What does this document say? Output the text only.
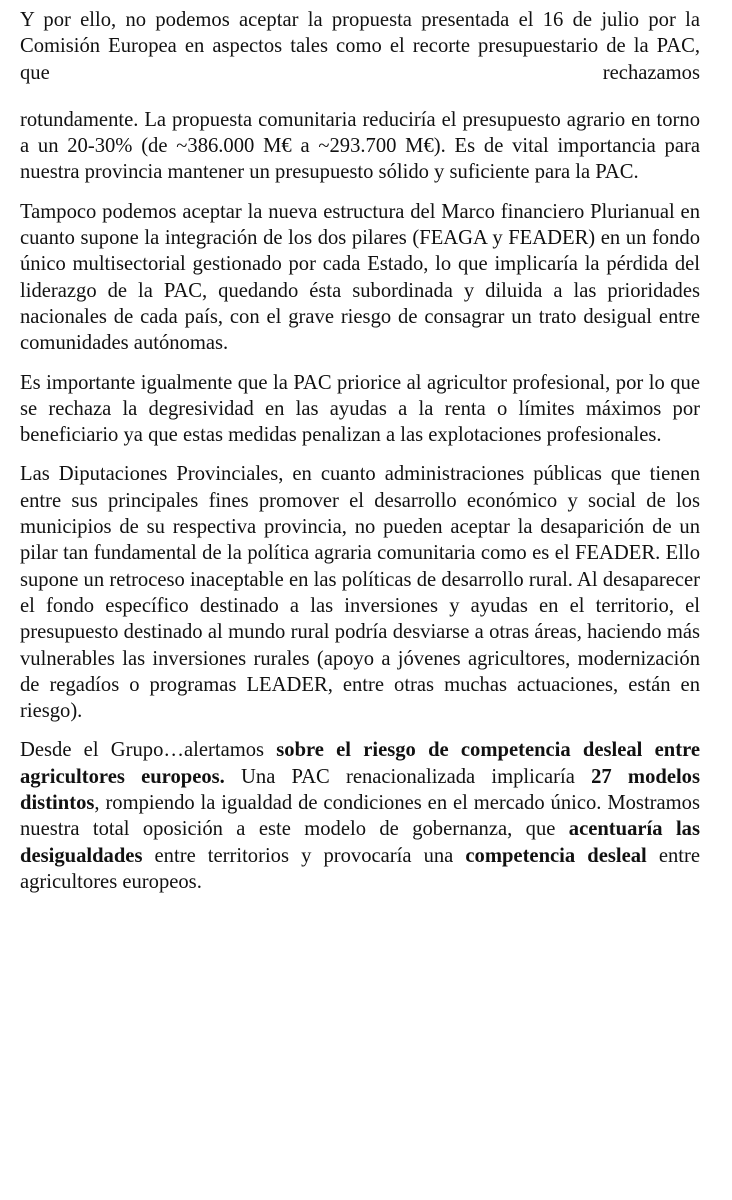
Y por ello, no podemos aceptar la propuesta presentada el 16 de julio por la Comisión Europea en aspectos tales como el recorte presupuestario de la PAC, que rechazamos

rotundamente. La propuesta comunitaria reduciría el presupuesto agrario en torno a un 20-30% (de ~386.000 M€ a ~293.700 M€). Es de vital importancia para nuestra provincia mantener un presupuesto sólido y suficiente para la PAC.

Tampoco podemos aceptar la nueva estructura del Marco financiero Plurianual en cuanto supone la integración de los dos pilares (FEAGA y FEADER) en un fondo único multisectorial gestionado por cada Estado, lo que implicaría la pérdida del liderazgo de la PAC, quedando ésta subordinada y diluida a las prioridades nacionales de cada país, con el grave riesgo de consagrar un trato desigual entre comunidades autónomas.

Es importante igualmente que la PAC priorice al agricultor profesional, por lo que se rechaza la degresividad en las ayudas a la renta o límites máximos por beneficiario ya que estas medidas penalizan a las explotaciones profesionales.

Las Diputaciones Provinciales, en cuanto administraciones públicas que tienen entre sus principales fines promover el desarrollo económico y social de los municipios de su respectiva provincia, no pueden aceptar la desaparición de un pilar tan fundamental de la política agraria comunitaria como es el FEADER. Ello supone un retroceso inaceptable en las políticas de desarrollo rural. Al desaparecer el fondo específico destinado a las inversiones y ayudas en el territorio, el presupuesto destinado al mundo rural podría desviarse a otras áreas, haciendo más vulnerables las inversiones rurales (apoyo a jóvenes agricultores, modernización de regadíos o programas LEADER, entre otras muchas actuaciones, están en riesgo).

Desde el Grupo…alertamos sobre el riesgo de competencia desleal entre agricultores europeos. Una PAC renacionalizada implicaría 27 modelos distintos, rompiendo la igualdad de condiciones en el mercado único. Mostramos nuestra total oposición a este modelo de gobernanza, que acentuaría las desigualdades entre territorios y provocaría una competencia desleal entre agricultores europeos.
